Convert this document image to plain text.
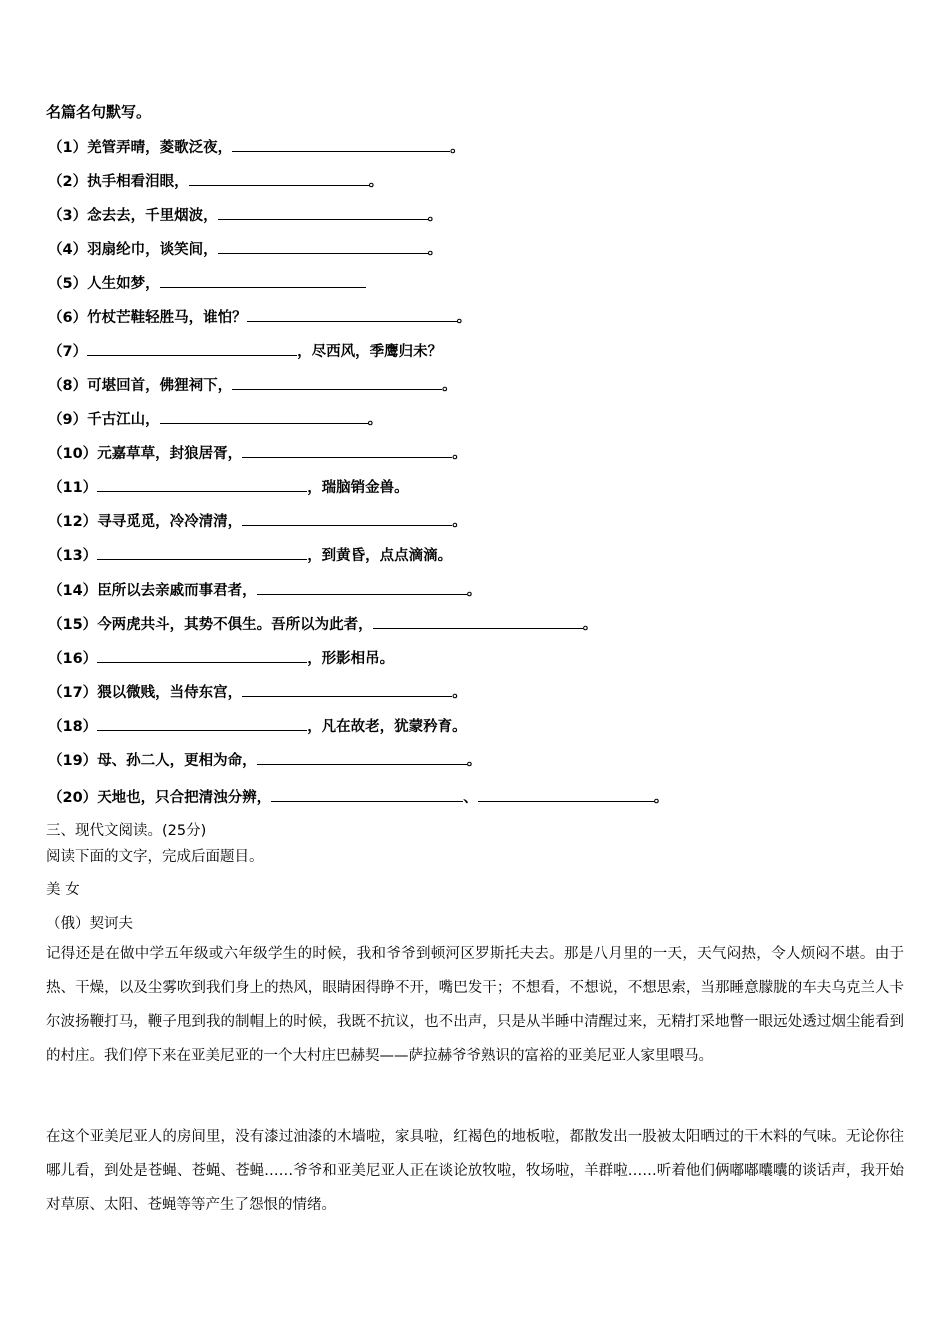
名篇名句默写。
（1）羌管弄晴，菱歌泛夜，	。
（2）执手相看泪眼，	。
（3）念去去，千里烟波，	。
（4）羽扇纶巾，谈笑间，	。
（5）人生如梦，
（6）竹杖芒鞋轻胜马，谁怕？	。
（7）	，尽西风，季鹰归未？
（8）可堪回首，佛狸祠下，	。
（9）千古江山，	。
（10）元嘉草草，封狼居胥，	。
（11）	，瑞脑销金兽。
（12）寻寻觅觅，冷冷清清，	。
（13）	，到黄昏，点点滴滴。
（14）臣所以去亲戚而事君者，	。
（15）今两虎共斗，其势不俱生。吾所以为此者，	。
（16）	，形影相吊。
（17）猥以微贱，当侍东宫，	。
（18）	，凡在故老，犹蒙矜育。
（19）母、孙二人，更相为命，	。
（20）天地也，只合把清浊分辨，	、	。
三、现代文阅读。(25分)
阅读下面的文字，完成后面题目。
美 女
（俄）契诃夫
记得还是在做中学五年级或六年级学生的时候，我和爷爷到顿河区罗斯托夫去。那是八月里的一天，天气闷热，令人烦闷不堪。由于热、干燥，以及尘雾吹到我们身上的热风，眼睛困得睁不开，嘴巴发干；不想看，不想说，不想思索，当那睡意朦胧的车夫乌克兰人卡尔波扬鞭打马，鞭子甩到我的制帽上的时候，我既不抗议，也不出声，只是从半睡中清醒过来，无精打采地瞥一眼远处透过烟尘能看到的村庄。我们停下来在亚美尼亚的一个大村庄巴赫契——萨拉赫爷爷熟识的富裕的亚美尼亚人家里喂马。
在这个亚美尼亚人的房间里，没有漆过油漆的木墙啦，家具啦，红褐色的地板啦，都散发出一股被太阳晒过的干木料的气味。无论你往哪儿看，到处是苍蝇、苍蝇、苍蝇……爷爷和亚美尼亚人正在谈论放牧啦，牧场啦，羊群啦……听着他们俩嘟嘟囔囔的谈话声，我开始对草原、太阳、苍蝇等等产生了怨恨的情绪。
